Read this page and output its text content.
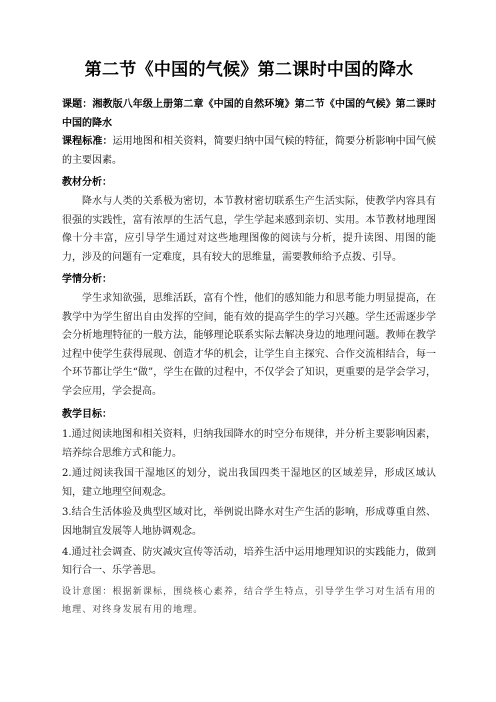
第二节《中国的气候》第二课时中国的降水

课题：湘教版八年级上册第二章《中国的自然环境》第二节《中国的气候》第二课时中国的降水

课程标准：运用地图和相关资料，简要归纳中国气候的特征，简要分析影响中国气候的主要因素。

教材分析：

降水与人类的关系极为密切，本节教材密切联系生产生活实际，使教学内容具有很强的实践性，富有浓厚的生活气息，学生学起来感到亲切、实用。本节教材地理图像十分丰富，应引导学生通过对这些地理图像的阅读与分析，提升读图、用图的能力，涉及的问题有一定难度，具有较大的思维量，需要教师给予点拨、引导。

学情分析：

学生求知欲强，思维活跃，富有个性，他们的感知能力和思考能力明显提高，在教学中为学生留出自由发挥的空间，能有效的提高学生的学习兴趣。学生还需逐步学会分析地理特征的一般方法，能够理论联系实际去解决身边的地理问题。教师在教学过程中使学生获得展现、创造才华的机会，让学生自主探究、合作交流相结合，每一个环节都让学生“做”，学生在做的过程中，不仅学会了知识，更重要的是学会学习，学会应用，学会提高。

教学目标：

1.通过阅读地图和相关资料，归纳我国降水的时空分布规律，并分析主要影响因素，培养综合思维方式和能力。

2.通过阅读我国干湿地区的划分，说出我国四类干湿地区的区域差异，形成区域认知，建立地理空间观念。

3.结合生活体验及典型区域对比，举例说出降水对生产生活的影响，形成尊重自然、因地制宜发展等人地协调观念。

4.通过社会调查、防灾减灾宣传等活动，培养生活中运用地理知识的实践能力，做到知行合一、乐学善思。

设计意图：根据新课标，围绕核心素养，结合学生特点，引导学生学习对生活有用的地理、对终身发展有用的地理。
